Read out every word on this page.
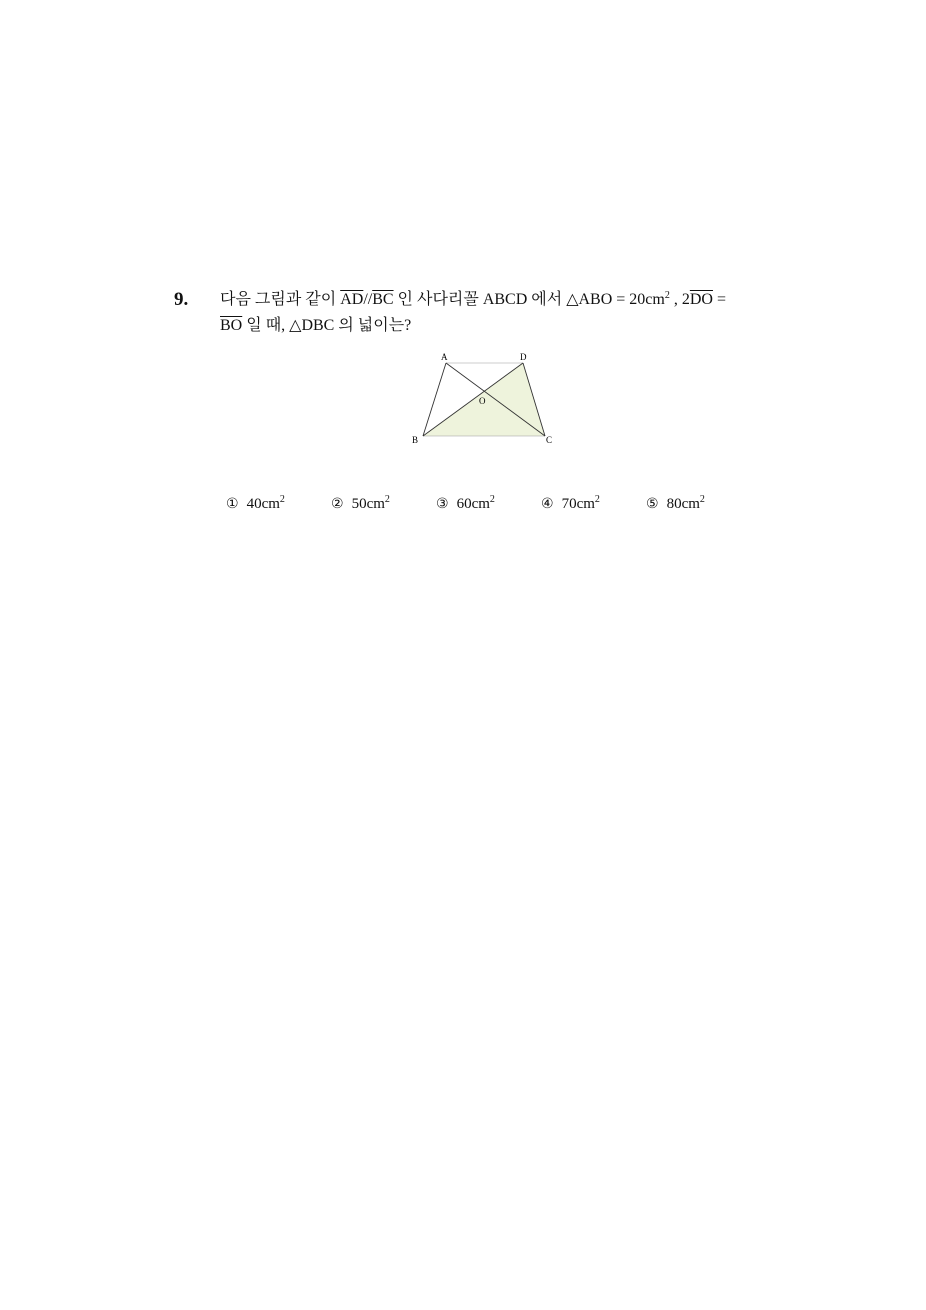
9. 다음 그림과 같이 $\overline{AD}//\overline{BC}$ 인 사다리꼴 ABCD 에서 △ABO = $20cm^2$ , $2\overline{DO}$ =
$\overline{BO}$ 일 때, △DBC 의 넓이는?
A	D
O
B	C
① $40cm^2$	② $50cm^2$	③ $60cm^2$	④ $70cm^2$	⑤ $80cm^2$
